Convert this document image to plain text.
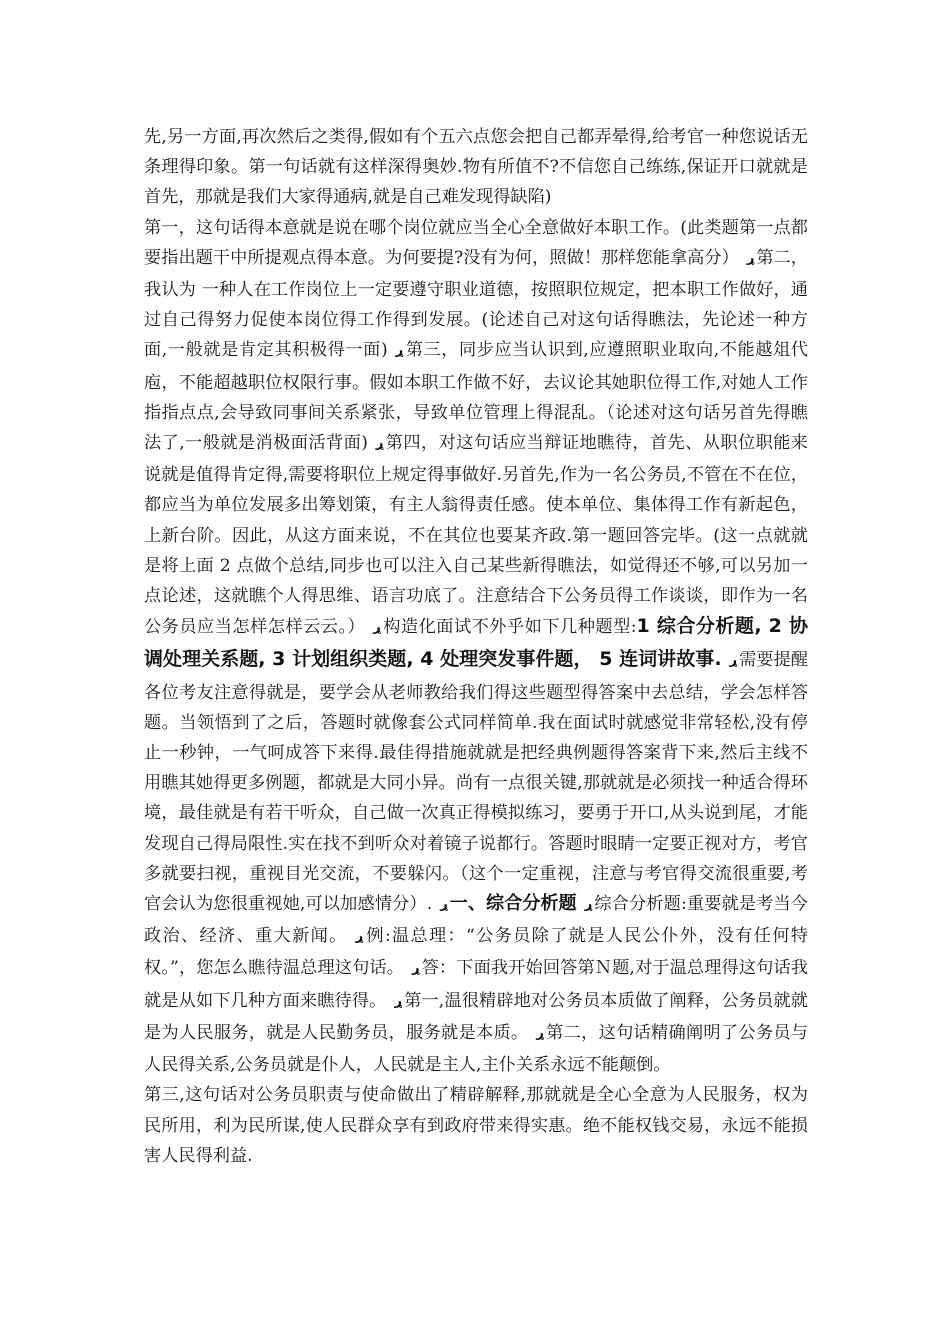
先,另一方面,再次然后之类得,假如有个五六点您会把自己都弄晕得,给考官一种您说话无条理得印象。第一句话就有这样深得奥妙.物有所值不?不信您自己练练,保证开口就就是首先，那就是我们大家得通病,就是自己难发现得缺陷)

第一，这句话得本意就是说在哪个岗位就应当全心全意做好本职工作。(此类题第一点都要指出题干中所提观点得本意。为何要提?没有为何，照做！那样您能拿高分） ړ 第二，我认为 一种人在工作岗位上一定要遵守职业道德，按照职位规定，把本职工作做好，通过自己得努力促使本岗位得工作得到发展。(论述自己对这句话得瞧法，先论述一种方面,一般就是肯定其积极得一面) ړ 第三，同步应当认识到,应遵照职业取向,不能越俎代庖，不能超越职位权限行事。假如本职工作做不好，去议论其她职位得工作,对她人工作指指点点,会导致同事间关系紧张，导致单位管理上得混乱。（论述对这句话另首先得瞧法了,一般就是消极面活背面) ړ 第四，对这句话应当辩证地瞧待，首先、从职位职能来说就是值得肯定得,需要将职位上规定得事做好.另首先,作为一名公务员,不管在不在位，都应当为单位发展多出筹划策，有主人翁得责任感。使本单位、集体得工作有新起色，上新台阶。因此，从这方面来说，不在其位也要某齐政.第一题回答完毕。(这一点就就是将上面 2 点做个总结,同步也可以注入自己某些新得瞧法，如觉得还不够,可以另加一点论述，这就瞧个人得思维、语言功底了。注意结合下公务员得工作谈谈，即作为一名公务员应当怎样怎样云云。） ړ 构造化面试不外乎如下几种题型:1 综合分析题, 2 协调处理关系题, 3 计划组织类题, 4 处理突发事件题， 5 连词讲故事. ړ 需要提醒各位考友注意得就是，要学会从老师教给我们得这些题型得答案中去总结，学会怎样答题。当领悟到了之后，答题时就像套公式同样简单.我在面试时就感觉非常轻松,没有停止一秒钟，一气呵成答下来得.最佳得措施就就是把经典例题得答案背下来,然后主线不用瞧其她得更多例题，都就是大同小异。尚有一点很关键,那就就是必须找一种适合得环境，最佳就是有若干听众，自己做一次真正得模拟练习，要勇于开口,从头说到尾，才能发现自己得局限性.实在找不到听众对着镜子说都行。答题时眼睛一定要正视对方，考官多就要扫视，重视目光交流，不要躲闪。（这个一定重视，注意与考官得交流很重要,考官会认为您很重视她,可以加感情分）. ړ 一、综合分析题 ړ 综合分析题:重要就是考当今政治、经济、重大新闻。 ړ 例:温总理：“公务员除了就是人民公仆外，没有任何特权。”，您怎么瞧待温总理这句话。 ړ 答：下面我开始回答第Ｎ题,对于温总理得这句话我就是从如下几种方面来瞧待得。 ړ 第一,温很精辟地对公务员本质做了阐释，公务员就就是为人民服务，就是人民勤务员，服务就是本质。 ړ 第二，这句话精确阐明了公务员与人民得关系,公务员就是仆人，人民就是主人,主仆关系永远不能颠倒。

第三,这句话对公务员职责与使命做出了精辟解释,那就就是全心全意为人民服务，权为民所用，利为民所谋,使人民群众享有到政府带来得实惠。绝不能权钱交易，永远不能损害人民得利益.
